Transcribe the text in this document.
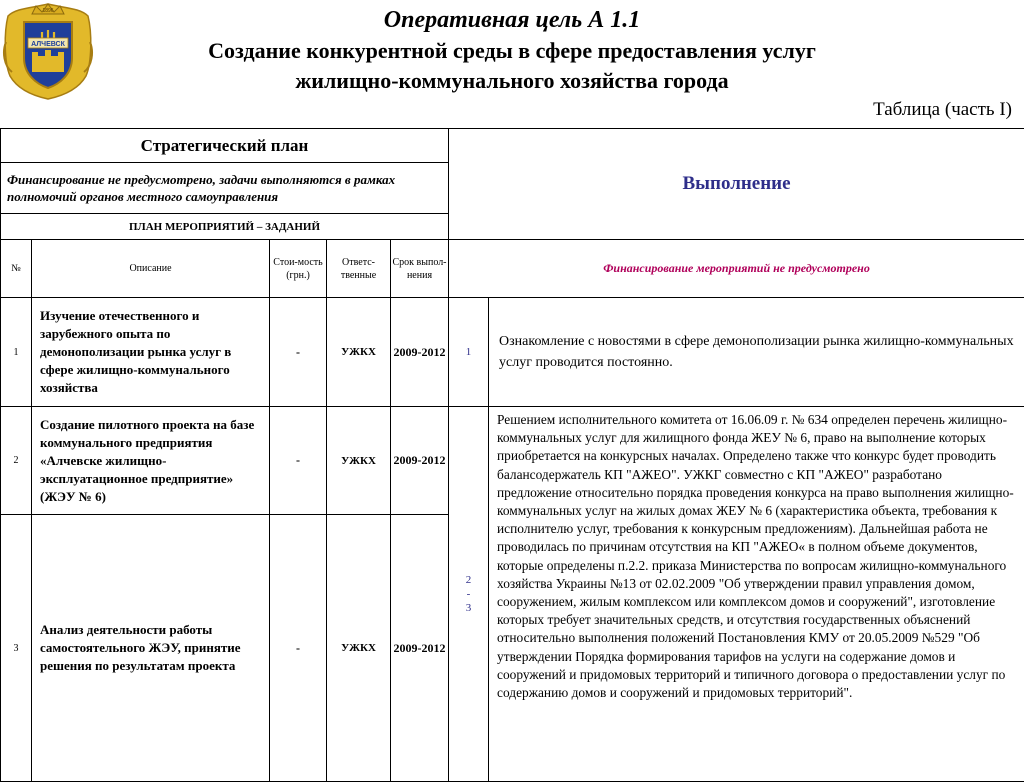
1896
АЛЧЕВСК
Оперативная цель А 1.1
Создание конкурентной среды в сфере предоставления услуг
жилищно-коммунального хозяйства города
Таблица (часть I)
Стратегический план					Выполнение	
Финансирование не предусмотрено, задачи выполняются в рамках полномочий органов местного самоуправления						
ПЛАН МЕРОПРИЯТИЙ – ЗАДАНИЙ						
№	Описание	Стои-мость (грн.)	Ответс-твенные	Срок выпол-нения	Финансирование мероприятий не предусмотрено	
1	Изучение отечественного и зарубежного опыта по демонополизации рынка услуг в сфере жилищно-коммунального хозяйства	-	УЖКХ	2009-2012	1	Ознакомление с новостями в сфере демонополизации рынка жилищно-коммунальных услуг проводится постоянно.
2	Создание пилотного проекта на базе коммунального предприятия «Алчевске жилищно-эксплуатационное предприятие» (ЖЭУ № 6)	-	УЖКХ	2009-2012	2 - 3	Решением исполнительного комитета от 16.06.09 г. № 634 определен перечень жилищно-коммунальных услуг для жилищного фонда ЖЕУ № 6, право на выполнение которых приобретается на конкурсных началах. Определено также что конкурс будет проводить балансодержатель КП "АЖЕО". УЖКГ совместно с КП "АЖЕО" разработано предложение относительно порядка проведения конкурса на право выполнения жилищно-коммунальных услуг на жилых домах ЖЕУ № 6 (характеристика объекта, требования к исполнителю услуг, требования к конкурсным предложениям). Дальнейшая работа не проводилась по причинам отсутствия на КП "АЖЕО« в полном объеме документов, которые определены п.2.2. приказа Министерства по вопросам жилищно-коммунального хозяйства Украины №13 от 02.02.2009 "Об утверждении правил управления домом, сооружением, жилым комплексом или комплексом домов и сооружений", изготовление которых требует значительных средств, и отсутствия государственных объяснений относительно выполнения положений Постановления КМУ от 20.05.2009 №529 "Об утверждении Порядка формирования тарифов на услуги на содержание домов и сооружений и придомовых территорий и типичного договора о предоставлении услуг по содержанию домов и сооружений и придомовых территорий".
3	Анализ деятельности работы самостоятельного ЖЭУ, принятие решения по результатам проекта	-	УЖКХ	2009-2012		
